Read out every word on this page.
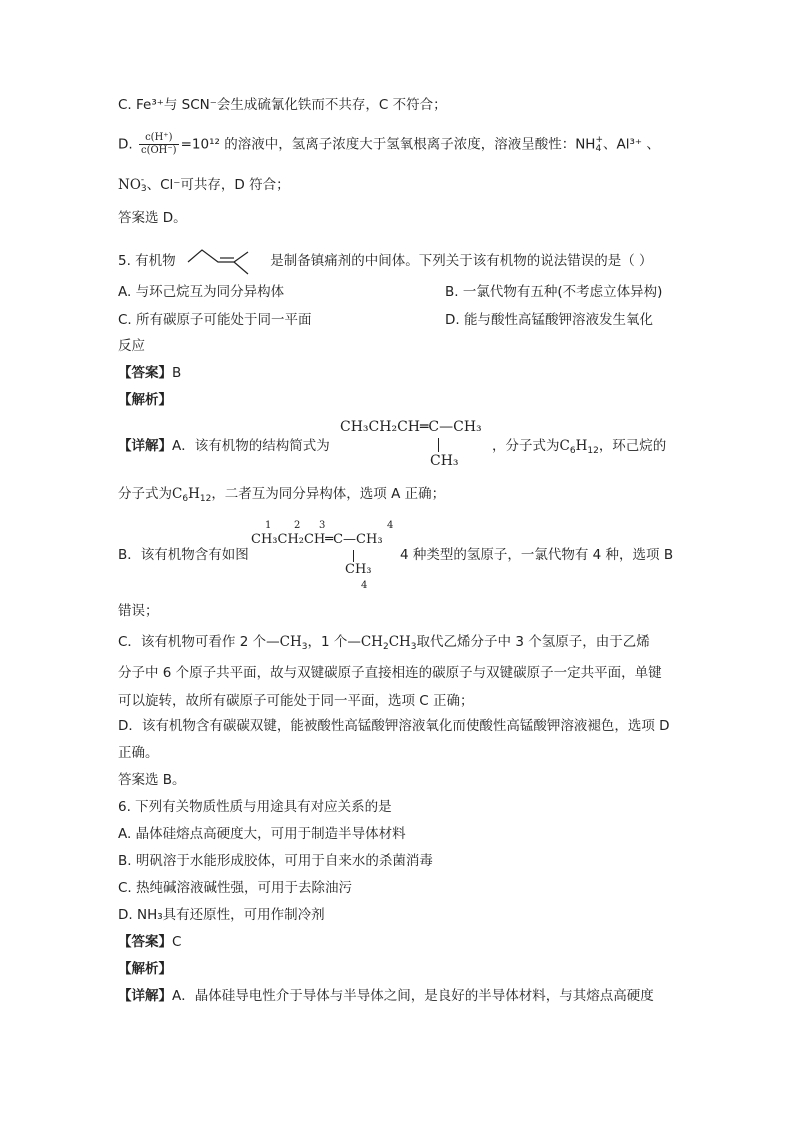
C. Fe³⁺与 SCN⁻会生成硫氰化铁而不共存，C 不符合；
D. $\frac{c(H^+)}{c(OH^-)} =10^{12}$ 的溶液中，氢离子浓度大于氢氧根离子浓度，溶液呈酸性：NH +
4 、Al³⁺ 、
NO -
3 、Cl⁻可共存，D 符合；
答案选 D。
5. 有机物	是制备镇痛剂的中间体。下列关于该有机物的说法错误的是（ ）
A. 与环己烷互为同分异构体	B. 一氯代物有五种(不考虑立体异构)
C. 所有碳原子可能处于同一平面	D. 能与酸性高锰酸钾溶液发生氧化
反应
【答案】B
【解析】
CH₃CH₂CH═C—CH₃
CH₃
【详解】A．该有机物的结构简式为	，分子式为$C_6H_{12}$，环己烷的
分子式为$C_6H_{12}$，二者互为同分异构体，选项 A 正确；
1 2 3	4
CH₃CH₂CH═C—CH₃
CH₃
4
B．该有机物含有如图	4 种类型的氢原子，一氯代物有 4 种，选项 B
错误；
C．该有机物可看作 2 个$—CH_3$，1 个$—CH_2CH_3$取代乙烯分子中 3 个氢原子，由于乙烯
分子中 6 个原子共平面，故与双键碳原子直接相连的碳原子与双键碳原子一定共平面，单键
可以旋转，故所有碳原子可能处于同一平面，选项 C 正确；
D．该有机物含有碳碳双键，能被酸性高锰酸钾溶液氧化而使酸性高锰酸钾溶液褪色，选项 D
正确。
答案选 B。
6. 下列有关物质性质与用途具有对应关系的是
A. 晶体硅熔点高硬度大，可用于制造半导体材料
B. 明矾溶于水能形成胶体，可用于自来水的杀菌消毒
C. 热纯碱溶液碱性强，可用于去除油污
D. NH₃具有还原性，可用作制冷剂
【答案】C
【解析】
【详解】A．晶体硅导电性介于导体与半导体之间，是良好的半导体材料，与其熔点高硬度
